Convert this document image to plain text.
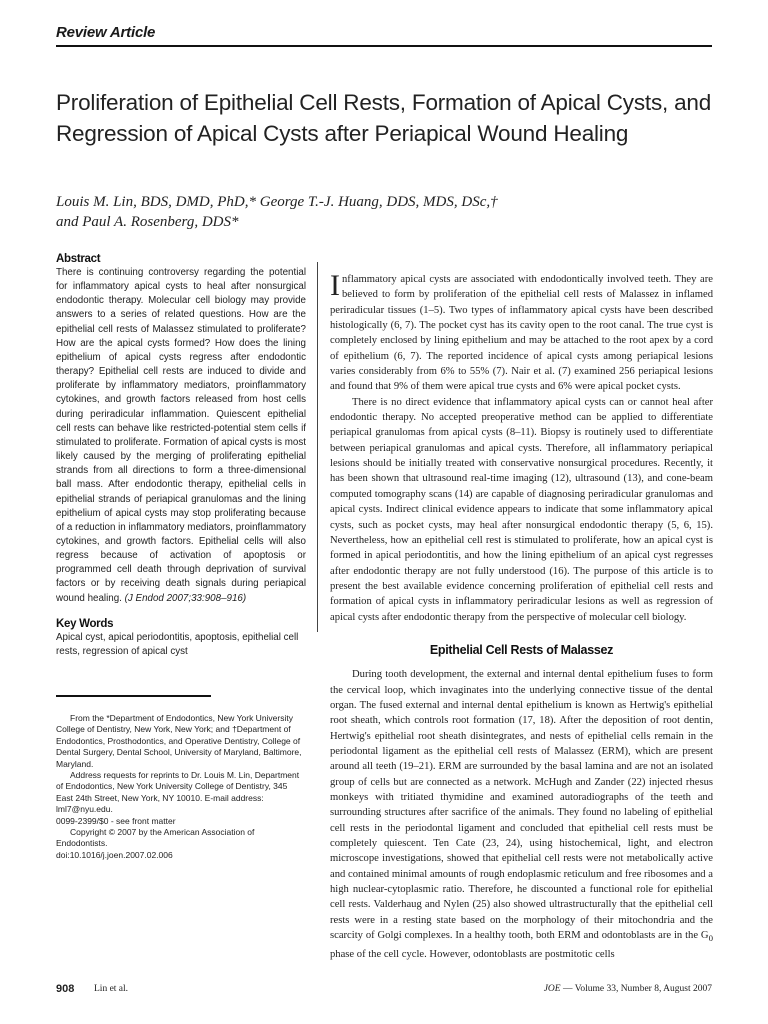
Review Article
Proliferation of Epithelial Cell Rests, Formation of Apical Cysts, and Regression of Apical Cysts after Periapical Wound Healing
Louis M. Lin, BDS, DMD, PhD,* George T.-J. Huang, DDS, MDS, DSc,†
and Paul A. Rosenberg, DDS*
Abstract

There is continuing controversy regarding the potential for inflammatory apical cysts to heal after nonsurgical endodontic therapy. Molecular cell biology may provide answers to a series of related questions. How are the epithelial cell rests of Malassez stimulated to proliferate? How are the apical cysts formed? How does the lining epithelium of apical cysts regress after endodontic therapy? Epithelial cell rests are induced to divide and proliferate by inflammatory mediators, proinflammatory cytokines, and growth factors released from host cells during periradicular inflammation. Quiescent epithelial cell rests can behave like restricted-potential stem cells if stimulated to proliferate. Formation of apical cysts is most likely caused by the merging of proliferating epithelial strands from all directions to form a three-dimensional ball mass. After endodontic therapy, epithelial cells in epithelial strands of periapical granulomas and the lining epithelium of apical cysts may stop proliferating because of a reduction in inflammatory mediators, proinflammatory cytokines, and growth factors. Epithelial cells will also regress because of activation of apoptosis or programmed cell death through deprivation of survival factors or by receiving death signals during periapical wound healing. (J Endod 2007;33:908–916)

Key Words

Apical cyst, apical periodontitis, apoptosis, epithelial cell rests, regression of apical cyst

From the *Department of Endodontics, New York University College of Dentistry, New York, New York; and †Department of Endodontics, Prosthodontics, and Operative Dentistry, College of Dental Surgery, Dental School, University of Maryland, Baltimore, Maryland.

Address requests for reprints to Dr. Louis M. Lin, Department of Endodontics, New York University College of Dentistry, 345 East 24th Street, New York, NY 10010. E-mail address: lml7@nyu.edu.

0099-2399/$0 - see front matter

Copyright © 2007 by the American Association of Endodontists.

doi:10.1016/j.joen.2007.02.006

Inflammatory apical cysts are associated with endodontically involved teeth. They are believed to form by proliferation of the epithelial cell rests of Malassez in inflamed periradicular tissues (1–5). Two types of inflammatory apical cysts have been described histologically (6, 7). The pocket cyst has its cavity open to the root canal. The true cyst is completely enclosed by lining epithelium and may be attached to the root apex by a cord of epithelium (6, 7). The reported incidence of apical cysts among periapical lesions varies considerably from 6% to 55% (7). Nair et al. (7) examined 256 periapical lesions and found that 9% of them were apical true cysts and 6% were apical pocket cysts.

There is no direct evidence that inflammatory apical cysts can or cannot heal after endodontic therapy. No accepted preoperative method can be applied to differentiate periapical granulomas from apical cysts (8–11). Biopsy is routinely used to differentiate between periapical granulomas and apical cysts. Therefore, all inflammatory periapical lesions should be initially treated with conservative nonsurgical procedures. Recently, it has been shown that ultrasound real-time imaging (12), ultrasound (13), and cone-beam computed tomography scans (14) are capable of diagnosing periradicular granulomas and apical cysts. Indirect clinical evidence appears to indicate that some inflammatory apical cysts, such as pocket cysts, may heal after nonsurgical endodontic therapy (5, 6, 15). Nevertheless, how an epithelial cell rest is stimulated to proliferate, how an apical cyst is formed in apical periodontitis, and how the lining epithelium of an apical cyst regresses after endodontic therapy are not fully understood (16). The purpose of this article is to present the best available evidence concerning proliferation of epithelial cell rests and formation of apical cysts in inflammatory periradicular lesions as well as regression of apical cysts after endodontic therapy from the perspective of molecular cell biology.

Epithelial Cell Rests of Malassez

During tooth development, the external and internal dental epithelium fuses to form the cervical loop, which invaginates into the underlying connective tissue of the dental organ. The fused external and internal dental epithelium is known as Hertwig's epithelial root sheath, which controls root formation (17, 18). After the deposition of root dentin, Hertwig's epithelial root sheath disintegrates, and nests of epithelial cells remain in the periodontal ligament as the epithelial cell rests of Malassez (ERM), which are present around all teeth (19–21). ERM are surrounded by the basal lamina and are not an isolated group of cells but are connected as a network. McHugh and Zander (22) injected rhesus monkeys with tritiated thymidine and examined autoradiographs of the teeth and surrounding structures after sacrifice of the animals. They found no labeling of epithelial cell rests in the periodontal ligament and concluded that epithelial cell rests must be completely quiescent. Ten Cate (23, 24), using histochemical, light, and electron microscope investigations, showed that epithelial cell rests were not metabolically active and contained minimal amounts of rough endoplasmic reticulum and free ribosomes and a high nuclear-cytoplasmic ratio. Therefore, he discounted a functional role for epithelial cell rests. Valderhaug and Nylen (25) also showed ultrastructurally that the epithelial cell rests were in a resting state based on the morphology of their mitochondria and the scarcity of Golgi complexes. In a healthy tooth, both ERM and odontoblasts are in the $G_0$ phase of the cell cycle. However, odontoblasts are postmitotic cells

908 Lin et al.	JOE — Volume 33, Number 8, August 2007
